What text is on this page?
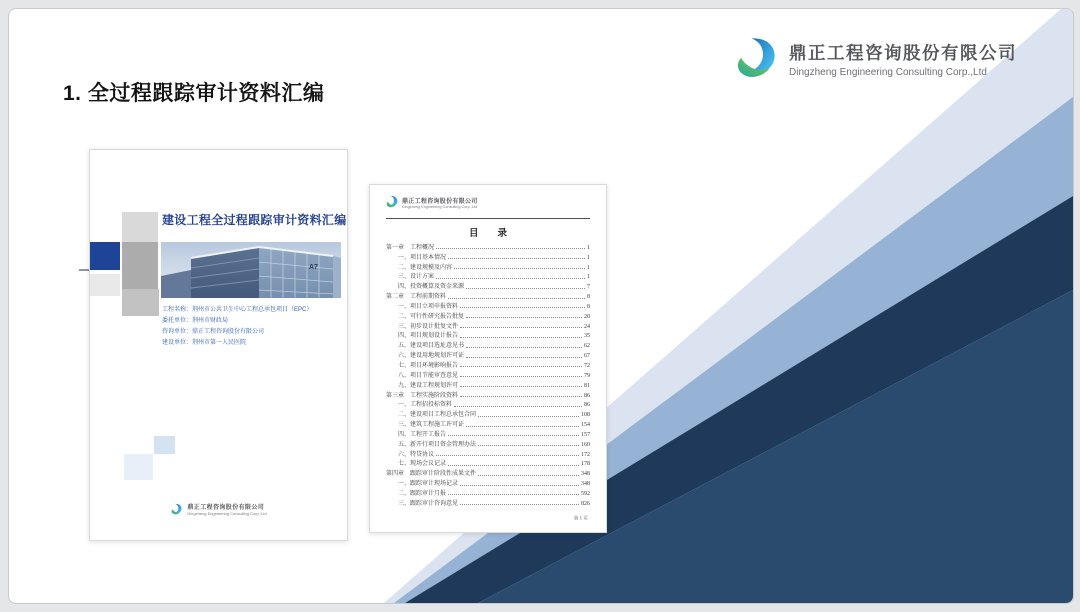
1. 全过程跟踪审计资料汇编
鼎正工程咨询股份有限公司
Dingzheng Engineering Consulting Corp.,Ltd
建设工程全过程跟踪审计资料汇编
A7
工程名称：荆州市公共卫生中心工程总承包项目（EPC）
委托单位：荆州市财政局
咨询单位：鼎正工程咨询股份有限公司
建设单位：荆州市第一人民医院
鼎正工程咨询股份有限公司
Dingzheng Engineering Consulting Corp.,Ltd
鼎正工程咨询股份有限公司
Dingzheng Engineering Consulting Corp.,Ltd
目　　录
第一章　工程概况	1
一、项目基本情况	1
二、建设规模及内容	1
三、设计方案	1
四、投资概算及资金来源	7
第二章　工程前期资料	8
一、项目立项申报资料	8
二、可行性研究报告批复	20
三、初步设计批复文件	24
四、项目规划设计报告	35
五、建设项目选址意见书	62
六、建设用地规划许可证	67
七、项目环境影响报告	72
八、项目节能审查意见	79
九、建设工程规划许可	81
第三章　工程实施阶段资料	86
一、工程招投标资料	86
二、建设项目工程总承包合同	108
三、建筑工程施工许可证	154
四、工程开工报告	157
五、新开行项目资金管理办法	160
六、特贷协议	172
七、现场会议记录	178
第四章　跟踪审计阶段性成果文件	348
一、跟踪审计现场记录	348
二、跟踪审计月报	592
三、跟踪审计咨询意见	826
第 1 页
